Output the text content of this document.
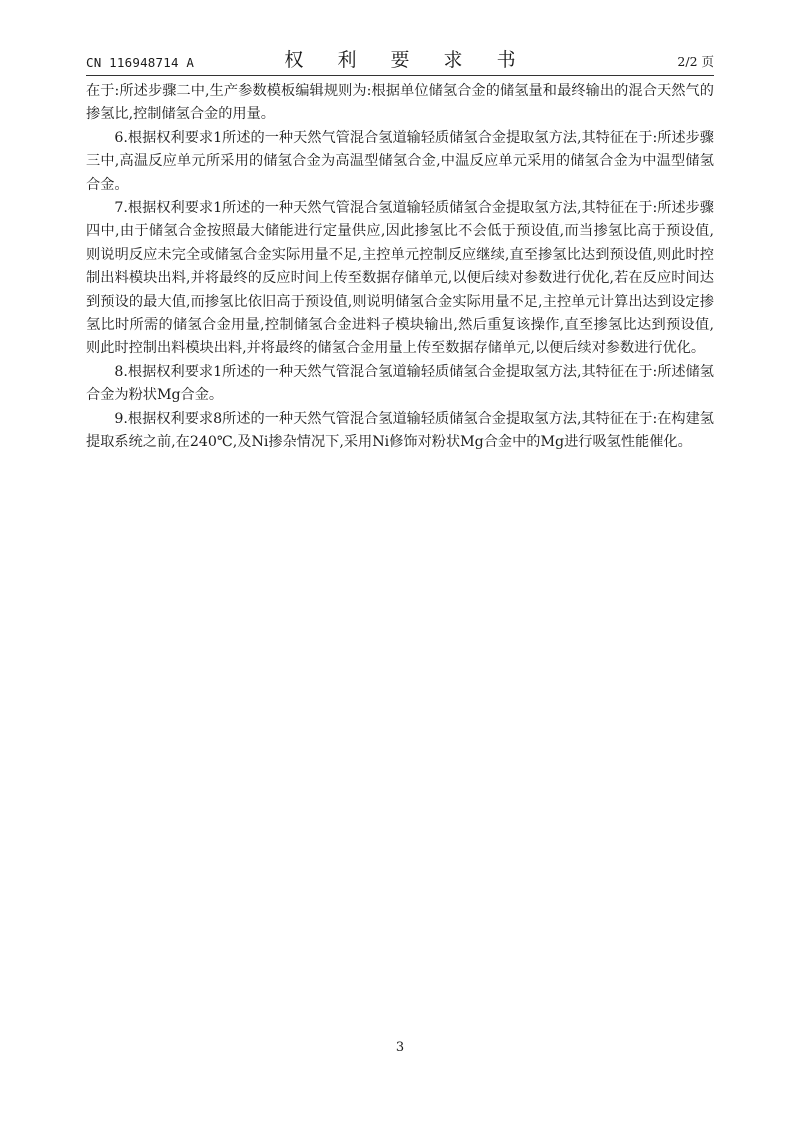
CN 116948714 A	权 利 要 求 书	2/2 页

在于:所述步骤二中,生产参数模板编辑规则为:根据单位储氢合金的储氢量和最终输出的混合天然气的掺氢比,控制储氢合金的用量。

6.根据权利要求1所述的一种天然气管混合氢道输轻质储氢合金提取氢方法,其特征在于:所述步骤三中,高温反应单元所采用的储氢合金为高温型储氢合金,中温反应单元采用的储氢合金为中温型储氢合金。

7.根据权利要求1所述的一种天然气管混合氢道输轻质储氢合金提取氢方法,其特征在于:所述步骤四中,由于储氢合金按照最大储能进行定量供应,因此掺氢比不会低于预设值,而当掺氢比高于预设值,则说明反应未完全或储氢合金实际用量不足,主控单元控制反应继续,直至掺氢比达到预设值,则此时控制出料模块出料,并将最终的反应时间上传至数据存储单元,以便后续对参数进行优化,若在反应时间达到预设的最大值,而掺氢比依旧高于预设值,则说明储氢合金实际用量不足,主控单元计算出达到设定掺氢比时所需的储氢合金用量,控制储氢合金进料子模块输出,然后重复该操作,直至掺氢比达到预设值,则此时控制出料模块出料,并将最终的储氢合金用量上传至数据存储单元,以便后续对参数进行优化。

8.根据权利要求1所述的一种天然气管混合氢道输轻质储氢合金提取氢方法,其特征在于:所述储氢合金为粉状Mg合金。

9.根据权利要求8所述的一种天然气管混合氢道输轻质储氢合金提取氢方法,其特征在于:在构建氢提取系统之前,在240℃,及Ni掺杂情况下,采用Ni修饰对粉状Mg合金中的Mg进行吸氢性能催化。

3
